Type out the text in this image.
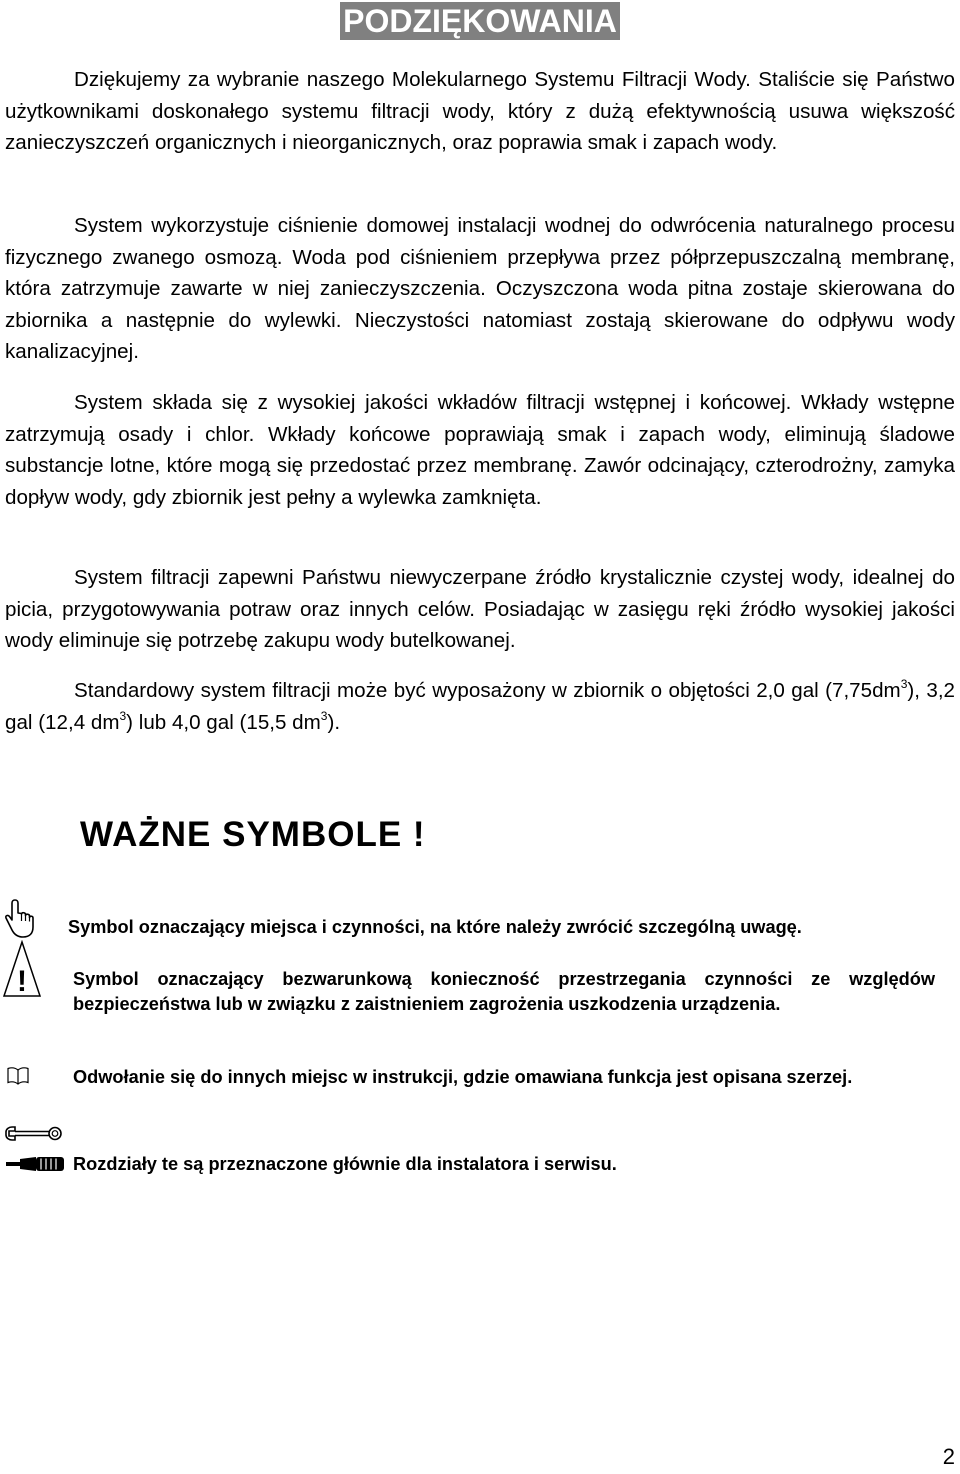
PODZIĘKOWANIA

Dziękujemy za wybranie naszego Molekularnego Systemu Filtracji Wody. Staliście się Państwo użytkownikami doskonałego systemu filtracji wody, który z dużą efektywnością usuwa większość zanieczyszczeń organicznych i nieorganicznych, oraz poprawia smak i zapach wody.

System wykorzystuje ciśnienie domowej instalacji wodnej do odwrócenia naturalnego procesu fizycznego zwanego osmozą. Woda pod ciśnieniem przepływa przez półprzepuszczalną membranę, która zatrzymuje zawarte w niej zanieczyszczenia. Oczyszczona woda pitna zostaje skierowana do zbiornika a następnie do wylewki. Nieczystości natomiast zostają skierowane do odpływu wody kanalizacyjnej.

System składa się z wysokiej jakości wkładów filtracji wstępnej i końcowej. Wkłady wstępne zatrzymują osady i chlor. Wkłady końcowe poprawiają smak i zapach wody, eliminują śladowe substancje lotne, które mogą się przedostać przez membranę. Zawór odcinający, czterodrożny, zamyka dopływ wody, gdy zbiornik jest pełny a wylewka zamknięta.

System filtracji zapewni Państwu niewyczerpane źródło krystalicznie czystej wody, idealnej do picia, przygotowywania potraw oraz innych celów. Posiadając w zasięgu ręki źródło wysokiej jakości wody eliminuje się potrzebę zakupu wody butelkowanej.

Standardowy system filtracji może być wyposażony w zbiornik o objętości 2,0 gal $(7,75dm^3)$, 3,2 gal (12,4 $dm^3$) lub 4,0 gal (15,5 $dm^3$).

WAŻNE SYMBOLE !

Symbol oznaczający miejsca i czynności, na które należy zwrócić szczególną uwagę.

!	Symbol oznaczający bezwarunkową konieczność przestrzegania czynności ze względów bezpieczeństwa lub w związku z zaistnieniem zagrożenia uszkodzenia urządzenia.

Odwołanie się do innych miejsc w instrukcji, gdzie omawiana funkcja jest opisana szerzej.

Rozdziały te są przeznaczone głównie dla instalatora i serwisu.

2
